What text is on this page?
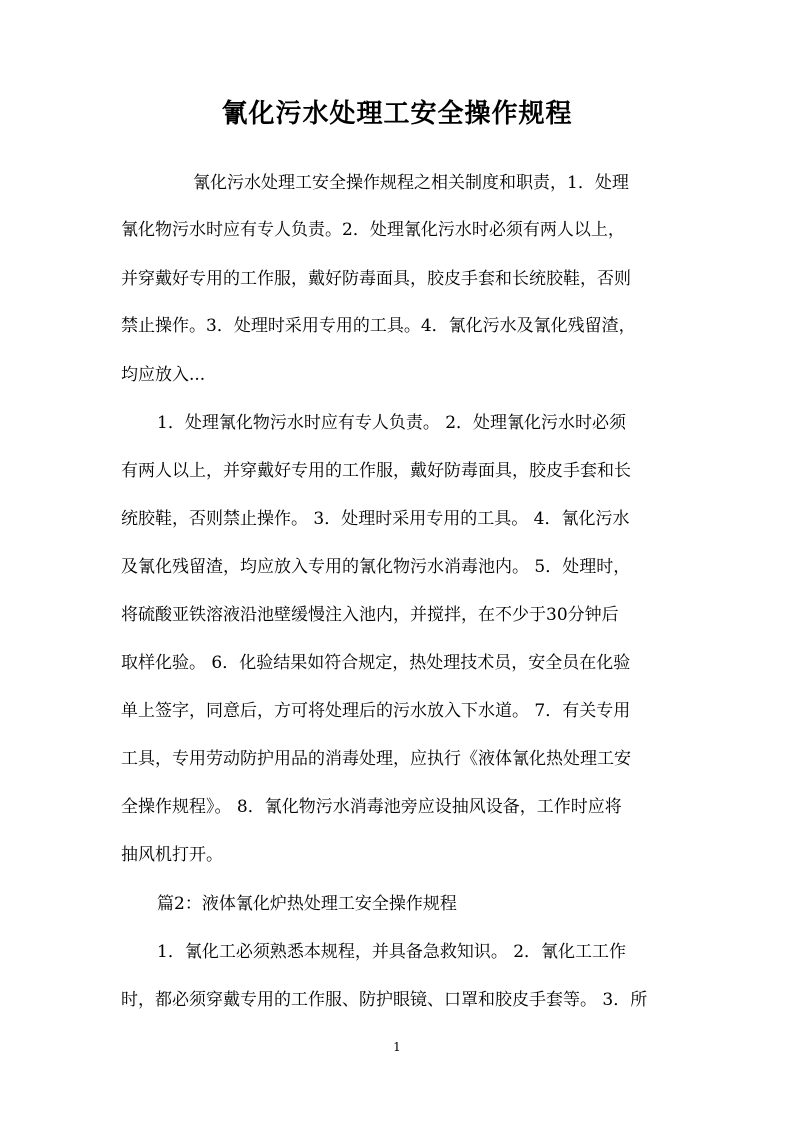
氰化污水处理工安全操作规程
氰化污水处理工安全操作规程之相关制度和职责，1．处理
氰化物污水时应有专人负责。2．处理氰化污水时必须有两人以上，
并穿戴好专用的工作服，戴好防毒面具，胶皮手套和长统胶鞋，否则
禁止操作。3．处理时采用专用的工具。4．氰化污水及氰化残留渣，
均应放入...
1．处理氰化物污水时应有专人负责。 2．处理氰化污水时必须
有两人以上，并穿戴好专用的工作服，戴好防毒面具，胶皮手套和长
统胶鞋，否则禁止操作。 3．处理时采用专用的工具。 4．氰化污水
及氰化残留渣，均应放入专用的氰化物污水消毒池内。 5．处理时，
将硫酸亚铁溶液沿池壁缓慢注入池内，并搅拌，在不少于30分钟后
取样化验。 6．化验结果如符合规定，热处理技术员，安全员在化验
单上签字，同意后，方可将处理后的污水放入下水道。 7．有关专用
工具，专用劳动防护用品的消毒处理，应执行《液体氰化热处理工安
全操作规程》。 8．氰化物污水消毒池旁应设抽风设备，工作时应将
抽风机打开。
篇2：液体氰化炉热处理工安全操作规程
1．氰化工必须熟悉本规程，并具备急救知识。 2．氰化工工作
时，都必须穿戴专用的工作服、防护眼镜、口罩和胶皮手套等。 3．所
1
